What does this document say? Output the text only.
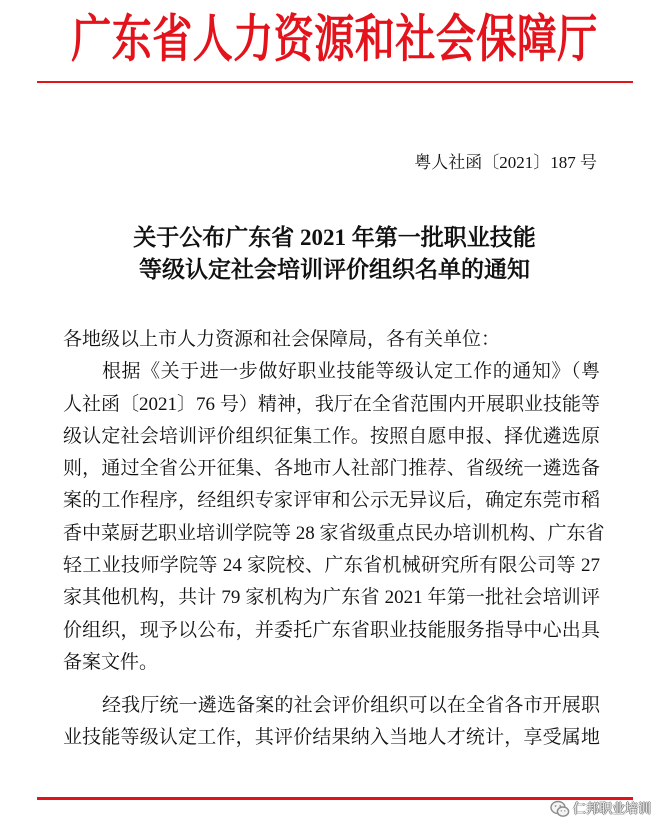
广东省人力资源和社会保障厅
粤人社函〔2021〕187 号
关于公布广东省 2021 年第一批职业技能
等级认定社会培训评价组织名单的通知
各地级以上市人力资源和社会保障局，各有关单位：
根据《关于进一步做好职业技能等级认定工作的通知》（粤
人社函〔2021〕76 号）精神，我厅在全省范围内开展职业技能等
级认定社会培训评价组织征集工作。按照自愿申报、择优遴选原
则，通过全省公开征集、各地市人社部门推荐、省级统一遴选备
案的工作程序，经组织专家评审和公示无异议后，确定东莞市稻
香中菜厨艺职业培训学院等 28 家省级重点民办培训机构、广东省
轻工业技师学院等 24 家院校、广东省机械研究所有限公司等 27
家其他机构，共计 79 家机构为广东省 2021 年第一批社会培训评
价组织，现予以公布，并委托广东省职业技能服务指导中心出具
备案文件。
经我厅统一遴选备案的社会评价组织可以在全省各市开展职
业技能等级认定工作，其评价结果纳入当地人才统计，享受属地
仁邦职业培训
